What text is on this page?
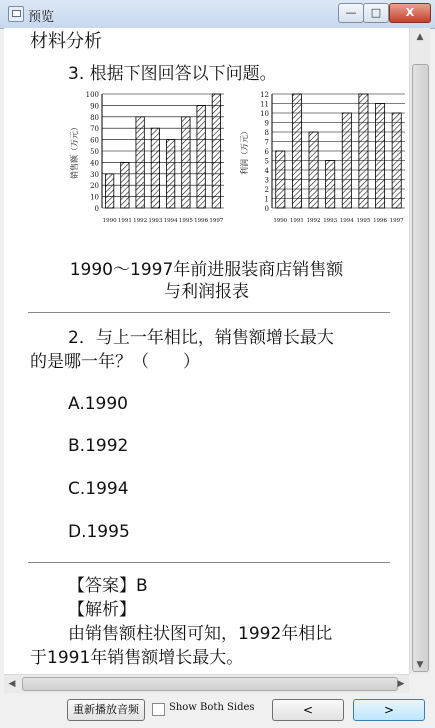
预览	—	□	X
材料分析
3. 根据下图回答以下问题。
0
10
20
30
40
50
60
70
80
90
100
1990 1991 1992 1993 1994 1995 1996 1997
销售额（万元）
0
1
2
3
4
5
6
7
8
9
10
11
12
1990 1991 1992 1993 1994 1995 1996 1997
利润（万元）
1990～1997年前进服装商店销售额
与利润报表
2．与上一年相比，销售额增长最大
的是哪一年？（　　）
A.1990
B.1992
C.1994
D.1995
【答案】B
【解析】
由销售额柱状图可知，1992年相比
于1991年销售额增长最大。
▲
▼
◀	▶
重新播放音频	Show Both Sides	<	>
